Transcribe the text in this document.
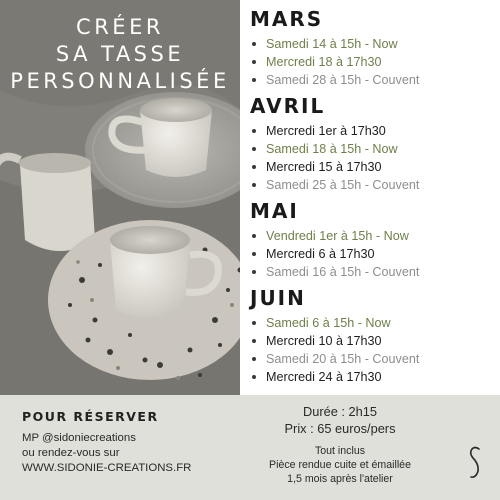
CRÉER
SA TASSE
PERSONNALISÉE
MARS
Samedi 14 à 15h - Now
Mercredi 18 à 17h30
Samedi 28 à 15h - Couvent
AVRIL
Mercredi 1er à 17h30
Samedi 18 à 15h - Now
Mercredi 15 à 17h30
Samedi 25 à 15h - Couvent
MAI
Vendredi 1er à 15h - Now
Mercredi 6 à 17h30
Samedi 16 à 15h - Couvent
JUIN
Samedi 6 à 15h - Now
Mercredi 10 à 17h30
Samedi 20 à 15h - Couvent
Mercredi 24 à 17h30
POUR RÉSERVER
MP @sidoniecreations
ou rendez-vous sur
WWW.SIDONIE-CREATIONS.FR
Durée : 2h15
Prix : 65 euros/pers
Tout inclus
Pièce rendue cuite et émaillée
1,5 mois après l'atelier
